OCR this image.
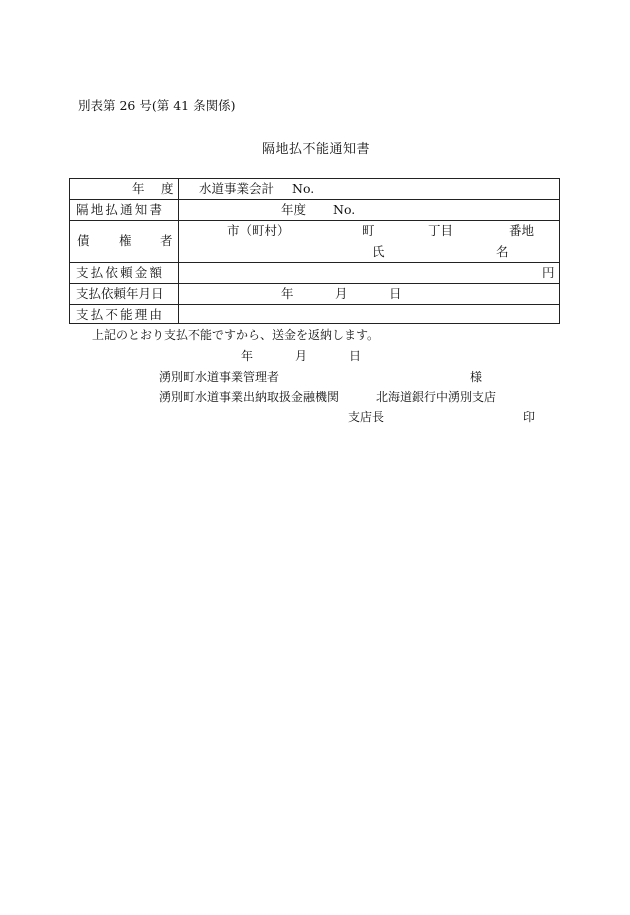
別表第 26 号(第 41 条関係)
隔地払不能通知書
年 度 水道事業会計 No.
隔地払通知書	年度 No.
債 権 者
市（町村）	町	丁目	番地
氏	名
支払依頼金額	円
支払依頼年月日	年	月	日
支払不能理由
上記のとおり支払不能ですから、送金を返納します。
年	月	日
湧別町水道事業管理者	様
湧別町水道事業出納取扱金融機関	北海道銀行中湧別支店
支店長	印
